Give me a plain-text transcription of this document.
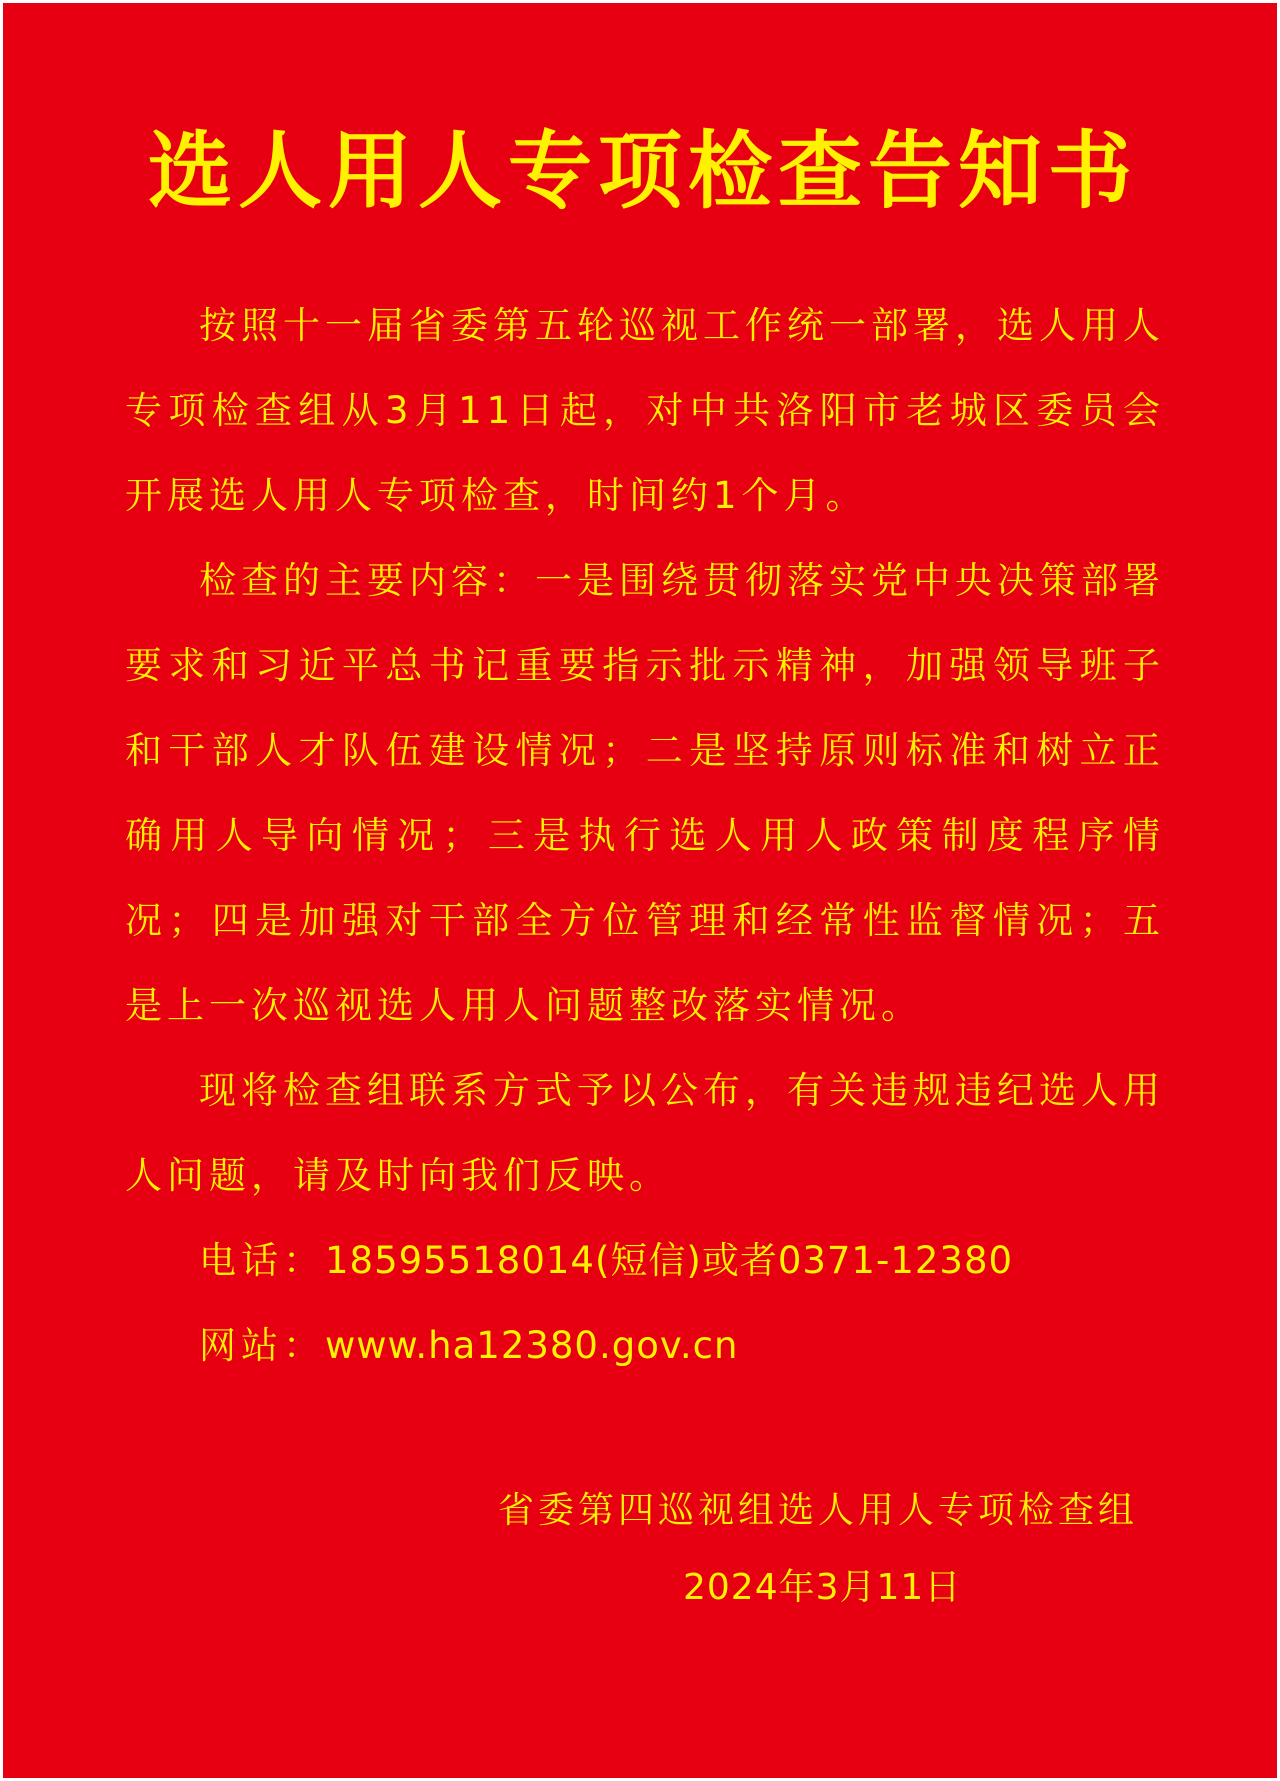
选人用人专项检查告知书

按照十一届省委第五轮巡视工作统一部署，选人用人专项检查组从3月11日起，对中共洛阳市老城区委员会开展选人用人专项检查，时间约1个月。

检查的主要内容：一是围绕贯彻落实党中央决策部署要求和习近平总书记重要指示批示精神，加强领导班子和干部人才队伍建设情况；二是坚持原则标准和树立正确用人导向情况；三是执行选人用人政策制度程序情况；四是加强对干部全方位管理和经常性监督情况；五是上一次巡视选人用人问题整改落实情况。

现将检查组联系方式予以公布，有关违规违纪选人用人问题，请及时向我们反映。

电话：18595518014(短信)或者0371-12380

网站：www.ha12380.gov.cn

省委第四巡视组选人用人专项检查组
2024年3月11日
